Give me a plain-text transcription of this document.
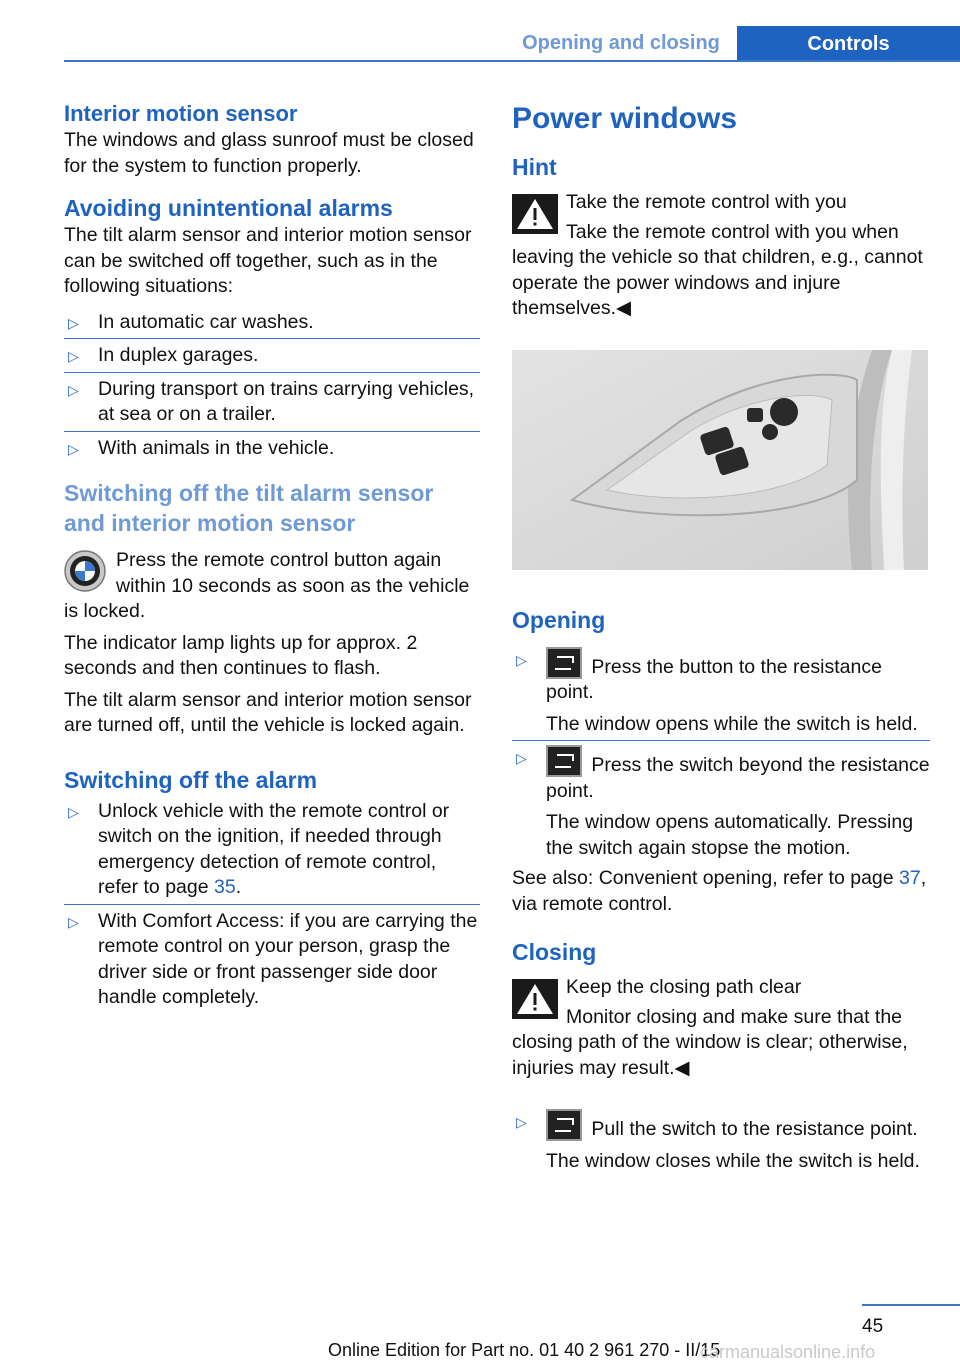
Opening and closing	Controls
Interior motion sensor

The windows and glass sunroof must be closed for the system to function properly.

Avoiding unintentional alarms

The tilt alarm sensor and interior motion sensor can be switched off together, such as in the following situations:

▷ In automatic car washes.
▷ In duplex garages.
▷ During transport on trains carrying vehicles, at sea or on a trailer.
▷ With animals in the vehicle.
Switching off the tilt alarm sensor and interior motion sensor

Press the remote control button again within 10 seconds as soon as the vehicle is locked.

The indicator lamp lights up for approx. 2 seconds and then continues to flash.

The tilt alarm sensor and interior motion sensor are turned off, until the vehicle is locked again.

Switching off the alarm
▷ Unlock vehicle with the remote control or switch on the ignition, if needed through emergency detection of remote control, refer to page 35.
▷ With Comfort Access: if you are carrying the remote control on your person, grasp the driver side or front passenger side door handle completely.
Power windows
Hint

Take the remote control with you

Take the remote control with you when leaving the vehicle so that children, e.g., cannot operate the power windows and injure themselves.◀

Opening
▷	Press the button to the resistance point.
The window opens while the switch is held.
▷	Press the switch beyond the resistance point.
The window opens automatically. Pressing the switch again stopse the motion.

See also: Convenient opening, refer to page 37, via remote control.

Closing

Keep the closing path clear

Monitor closing and make sure that the closing path of the window is clear; otherwise, injuries may result.◀

▷	Pull the switch to the resistance point.
The window closes while the switch is held.
45
Online Edition for Part no. 01 40 2 961 270 - II/15
carmanualsonline.info
